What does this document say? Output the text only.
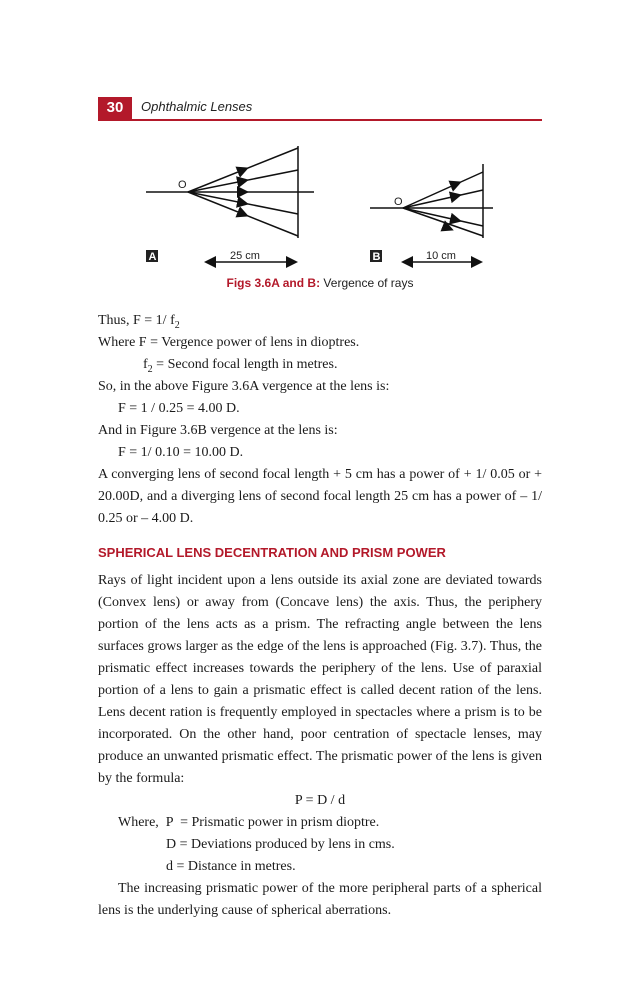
30	Ophthalmic Lenses
O
A	25 cm
O
B	10 cm
Figs 3.6A and B: Vergence of rays
Thus, F = 1/ $f_2$
Where F = Vergence power of lens in dioptres.
$f_2$ = Second focal length in metres.
So, in the above Figure 3.6A vergence at the lens is:
F = 1 / 0.25 = 4.00 D.
And in Figure 3.6B vergence at the lens is:
F = 1/ 0.10 = 10.00 D.
A converging lens of second focal length + 5 cm has a power of + 1/ 0.05 or + 20.00D, and a diverging lens of second focal length 25 cm has a power of – 1/ 0.25 or – 4.00 D.
SPHERICAL LENS DECENTRATION AND PRISM POWER
Rays of light incident upon a lens outside its axial zone are deviated towards (Convex lens) or away from (Concave lens) the axis. Thus, the periphery portion of the lens acts as a prism. The refracting angle between the lens surfaces grows larger as the edge of the lens is approached (Fig. 3.7). Thus, the prismatic effect increases towards the periphery of the lens. Use of paraxial portion of a lens to gain a prismatic effect is called decent ration of the lens. Lens decent ration is frequently employed in spectacles where a prism is to be incorporated. On the other hand, poor centration of spectacle lenses, may produce an unwanted prismatic effect. The prismatic power of the lens is given by the formula:
P = D / d
Where,  P  = Prismatic power in prism dioptre.
D = Deviations produced by lens in cms.
d = Distance in metres.
The increasing prismatic power of the more peripheral parts of a spherical lens is the underlying cause of spherical aberrations.
